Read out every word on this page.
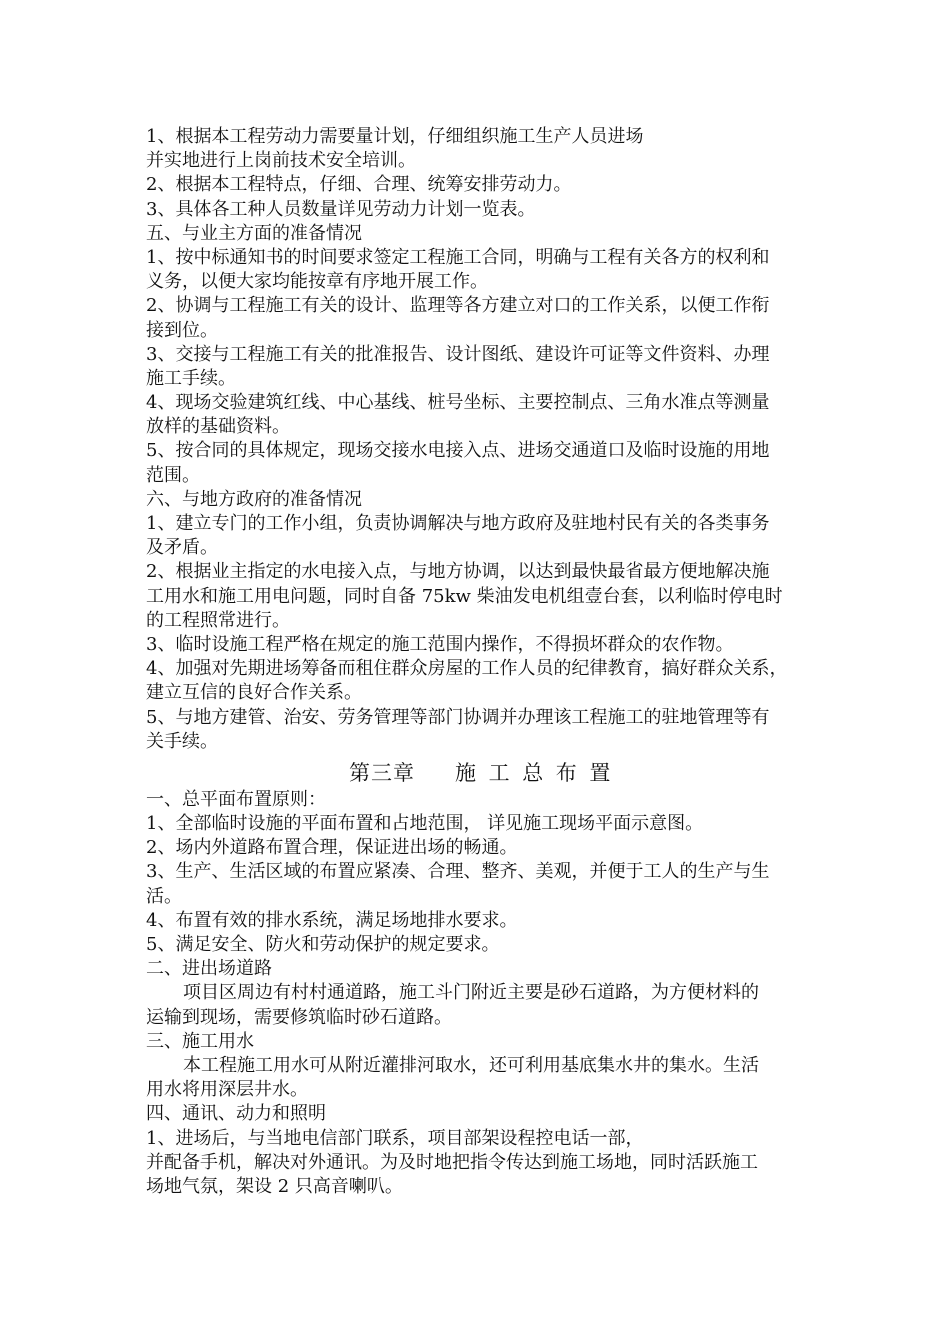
1、根据本工程劳动力需要量计划，仔细组织施工生产人员进场
并实地进行上岗前技术安全培训。
2、根据本工程特点，仔细、合理、统筹安排劳动力。
3、具体各工种人员数量详见劳动力计划一览表。
五、与业主方面的准备情况
1、按中标通知书的时间要求签定工程施工合同，明确与工程有关各方的权利和
义务，以便大家均能按章有序地开展工作。
2、协调与工程施工有关的设计、监理等各方建立对口的工作关系，以便工作衔
接到位。
3、交接与工程施工有关的批准报告、设计图纸、建设许可证等文件资料、办理
施工手续。
4、现场交验建筑红线、中心基线、桩号坐标、主要控制点、三角水准点等测量
放样的基础资料。
5、按合同的具体规定，现场交接水电接入点、进场交通道口及临时设施的用地
范围。
六、与地方政府的准备情况
1、建立专门的工作小组，负责协调解决与地方政府及驻地村民有关的各类事务
及矛盾。
2、根据业主指定的水电接入点，与地方协调，以达到最快最省最方便地解决施
工用水和施工用电问题，同时自备 75kw 柴油发电机组壹台套，以利临时停电时
的工程照常进行。
3、临时设施工程严格在规定的施工范围内操作，不得损坏群众的农作物。
4、加强对先期进场筹备而租住群众房屋的工作人员的纪律教育，搞好群众关系，
建立互信的良好合作关系。
5、与地方建管、治安、劳务管理等部门协调并办理该工程施工的驻地管理等有
关手续。
第三章 施工总布置
一、总平面布置原则：
1、全部临时设施的平面布置和占地范围， 详见施工现场平面示意图。
2、场内外道路布置合理，保证进出场的畅通。
3、生产、生活区域的布置应紧凑、合理、整齐、美观，并便于工人的生产与生
活。
4、布置有效的排水系统，满足场地排水要求。
5、满足安全、防火和劳动保护的规定要求。
二、进出场道路
项目区周边有村村通道路，施工斗门附近主要是砂石道路，为方便材料的
运输到现场，需要修筑临时砂石道路。
三、施工用水
本工程施工用水可从附近灌排河取水，还可利用基底集水井的集水。生活
用水将用深层井水。
四、通讯、动力和照明
1、进场后，与当地电信部门联系，项目部架设程控电话一部，
并配备手机，解决对外通讯。为及时地把指令传达到施工场地，同时活跃施工
场地气氛，架设 2 只高音喇叭。
